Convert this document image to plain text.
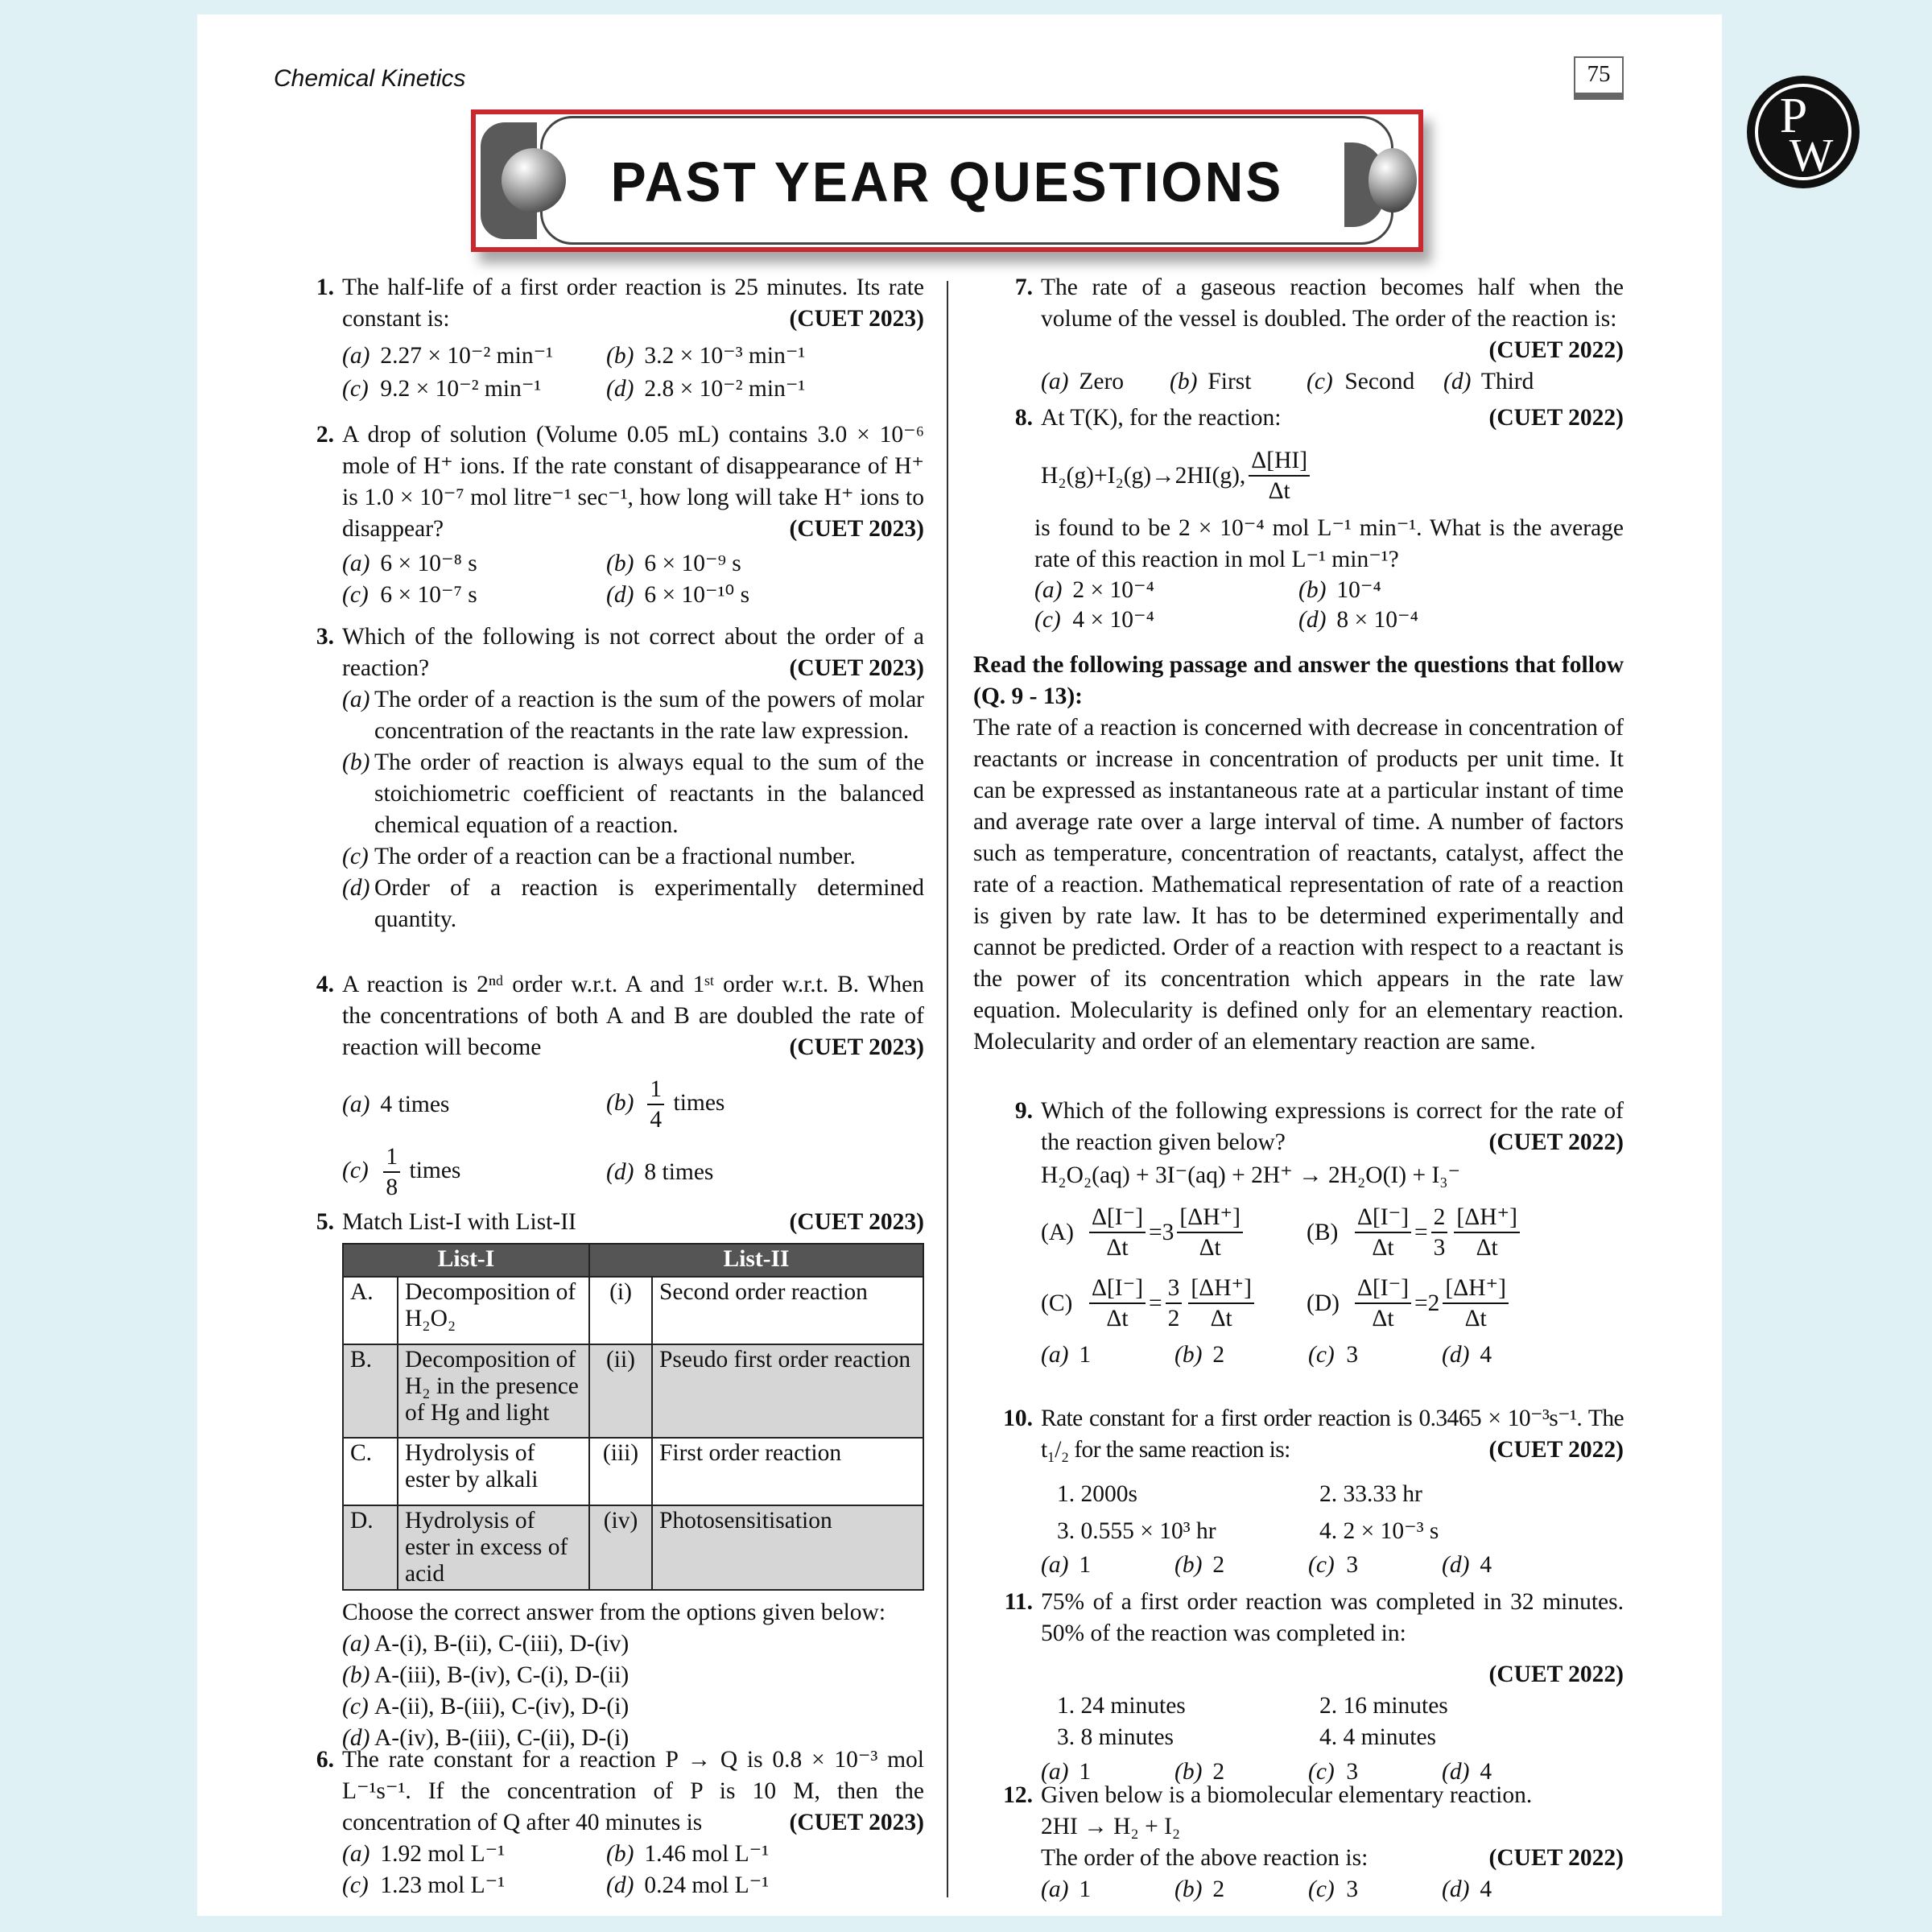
Chemical Kinetics	75
P
W
PAST YEAR QUESTIONS
1. The half-life of a first order reaction is 25 minutes. Its rate constant is:	(CUET 2023)
(a) 2.27 × 10⁻² min⁻¹	(b) 3.2 × 10⁻³ min⁻¹
(c) 9.2 × 10⁻² min⁻¹	(d) 2.8 × 10⁻² min⁻¹
2. A drop of solution (Volume 0.05 mL) contains 3.0 × 10⁻⁶ mole of H⁺ ions. If the rate constant of disappearance of H⁺ is 1.0 × 10⁻⁷ mol litre⁻¹ sec⁻¹, how long will take H⁺ ions to disappear?	(CUET 2023)
(a) 6 × 10⁻⁸ s	(b) 6 × 10⁻⁹ s
(c) 6 × 10⁻⁷ s	(d) 6 × 10⁻¹⁰ s
3. Which of the following is not correct about the order of a reaction?	(CUET 2023)
(a) The order of a reaction is the sum of the powers of molar concentration of the reactants in the rate law expression.
(b) The order of reaction is always equal to the sum of the stoichiometric coefficient of reactants in the balanced chemical equation of a reaction.
(c) The order of a reaction can be a fractional number.
(d) Order of a reaction is experimentally determined quantity.
4. A reaction is 2ⁿᵈ order w.r.t. A and 1ˢᵗ order w.r.t. B. When the concentrations of both A and B are doubled the rate of reaction will become	(CUET 2023)
(a) 4 times	$(b) \frac{1}{4}$ times
$(c) \frac{1}{8}$ times	(d) 8 times
5. Match List-I with List-II	(CUET 2023)
List-I		List-II	
A.	Decomposition of H₂O₂	(i)	Second order reaction
B.	Decomposition of H₂ in the presence of Hg and light	(ii)	Pseudo first order reaction
C.	Hydrolysis of ester by alkali	(iii)	First order reaction
D.	Hydrolysis of ester in excess of acid	(iv)	Photosensitisation
Choose the correct answer from the options given below:
(a) A-(i), B-(ii), C-(iii), D-(iv)
(b) A-(iii), B-(iv), C-(i), D-(ii)
(c) A-(ii), B-(iii), C-(iv), D-(i)
(d) A-(iv), B-(iii), C-(ii), D-(i)
6. The rate constant for a reaction P → Q is 0.8 × 10⁻³ mol L⁻¹s⁻¹. If the concentration of P is 10 M, then the concentration of Q after 40 minutes is	(CUET 2023)
(a) 1.92 mol L⁻¹	(b) 1.46 mol L⁻¹
(c) 1.23 mol L⁻¹	(d) 0.24 mol L⁻¹
7. The rate of a gaseous reaction becomes half when the volume of the vessel is doubled. The order of the reaction is:
(CUET 2022)
(a) Zero	(b) First	(c) Second	(d) Third
8. At T(K), for the reaction:	(CUET 2022)
H₂(g)+I₂(g)→2HI(g), $\frac{\Delta[HI]}{\Delta t}$
is found to be 2 × 10⁻⁴ mol L⁻¹ min⁻¹. What is the average rate of this reaction in mol L⁻¹ min⁻¹?
(a) 2 × 10⁻⁴	(b) 10⁻⁴
(c) 4 × 10⁻⁴	(d) 8 × 10⁻⁴
Read the following passage and answer the questions that follow (Q. 9 - 13):
The rate of a reaction is concerned with decrease in concentration of reactants or increase in concentration of products per unit time. It can be expressed as instantaneous rate at a particular instant of time and average rate over a large interval of time. A number of factors such as temperature, concentration of reactants, catalyst, affect the rate of a reaction. Mathematical representation of rate of a reaction is given by rate law. It has to be determined experimentally and cannot be predicted. Order of a reaction with respect to a reactant is the power of its concentration which appears in the rate law equation. Molecularity is defined only for an elementary reaction. Molecularity and order of an elementary reaction are same.
9. Which of the following expressions is correct for the rate of the reaction given below?	(CUET 2022)
H₂O₂(aq) + 3I⁻(aq) + 2H⁺ → 2H₂O(I) + I₃⁻
$(A) \frac{\Delta[I^-]}{\Delta t} = 3 \frac{[\Delta H^+]}{\Delta t}$	$(B) \frac{\Delta[I^-]}{\Delta t} = \frac{2}{3} \frac{[\Delta H^+]}{\Delta t}$
$(C) \frac{\Delta[I^-]}{\Delta t} = \frac{3}{2} \frac{[\Delta H^+]}{\Delta t} (D) \frac{\Delta[I^-]}{\Delta t} = 2 \frac{[\Delta H^+]}{\Delta t}$
(a) 1	(b) 2	(c) 3	(d) 4
10. Rate constant for a first order reaction is 0.3465 × 10⁻³s⁻¹. The t₁/₂ for the same reaction is:	(CUET 2022)
1. 2000s	2. 33.33 hr
3. 0.555 × 10³ hr	4. 2 × 10⁻³ s
(a) 1	(b) 2	(c) 3	(d) 4
11. 75% of a first order reaction was completed in 32 minutes. 50% of the reaction was completed in:
(CUET 2022)
1. 24 minutes	2. 16 minutes
3. 8 minutes	4. 4 minutes
(a) 1	(b) 2	(c) 3	(d) 4
12. Given below is a biomolecular elementary reaction.
2HI → H₂ + I₂
The order of the above reaction is:	(CUET 2022)
(a) 1	(b) 2	(c) 3	(d) 4
